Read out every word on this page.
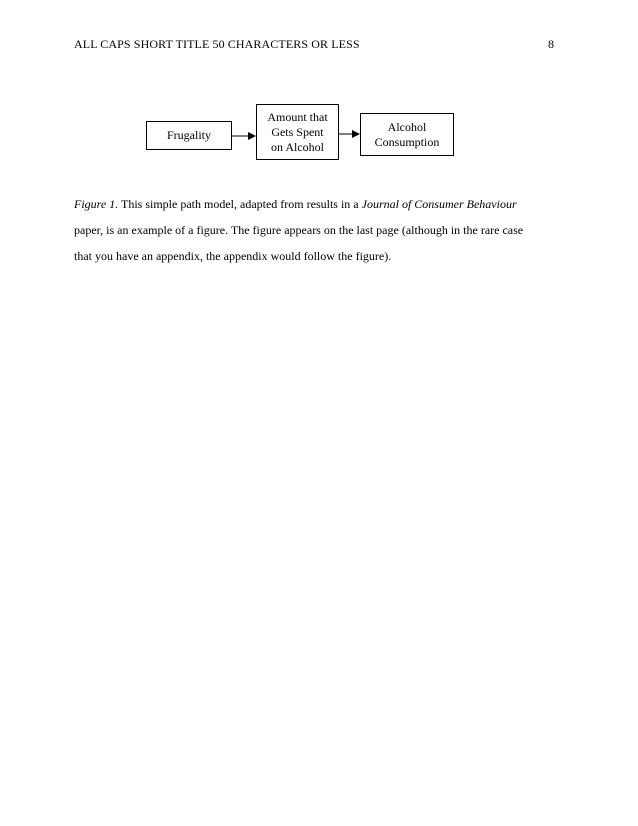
ALL CAPS SHORT TITLE 50 CHARACTERS OR LESS	8
Frugality
Amount that
Gets Spent
on Alcohol
Alcohol
Consumption
Figure 1. This simple path model, adapted from results in a Journal of Consumer Behaviour
paper, is an example of a figure. The figure appears on the last page (although in the rare case
that you have an appendix, the appendix would follow the figure).
